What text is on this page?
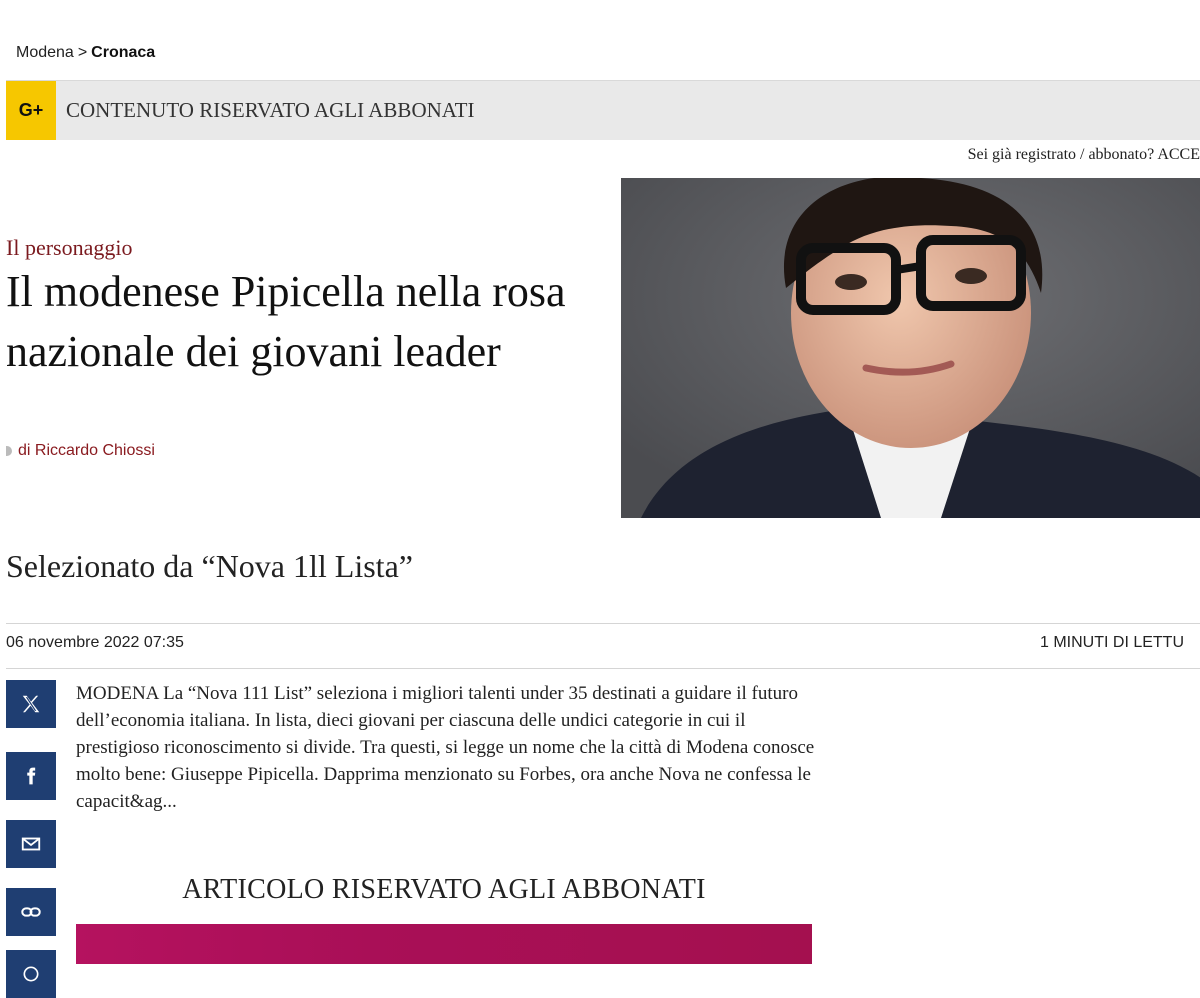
Modena > Cronaca
G+	CONTENUTO RISERVATO AGLI ABBONATI
Sei già registrato / abbonato? ACCE
Il personaggio
Il modenese Pipicella nella rosa nazionale dei giovani leader
di Riccardo Chiossi
Selezionato da “Nova 1ll Lista”
06 novembre 2022 07:35	1 MINUTI DI LETTU

MODENA La “Nova 111 List” seleziona i migliori talenti under 35 destinati a guidare il futuro dell’economia italiana. In lista, dieci giovani per ciascuna delle undici categorie in cui il prestigioso riconoscimento si divide. Tra questi, si legge un nome che la città di Modena conosce molto bene: Giuseppe Pipicella. Dapprima menzionato su Forbes, ora anche Nova ne confessa le capacit&ag...

ARTICOLO RISERVATO AGLI ABBONATI
